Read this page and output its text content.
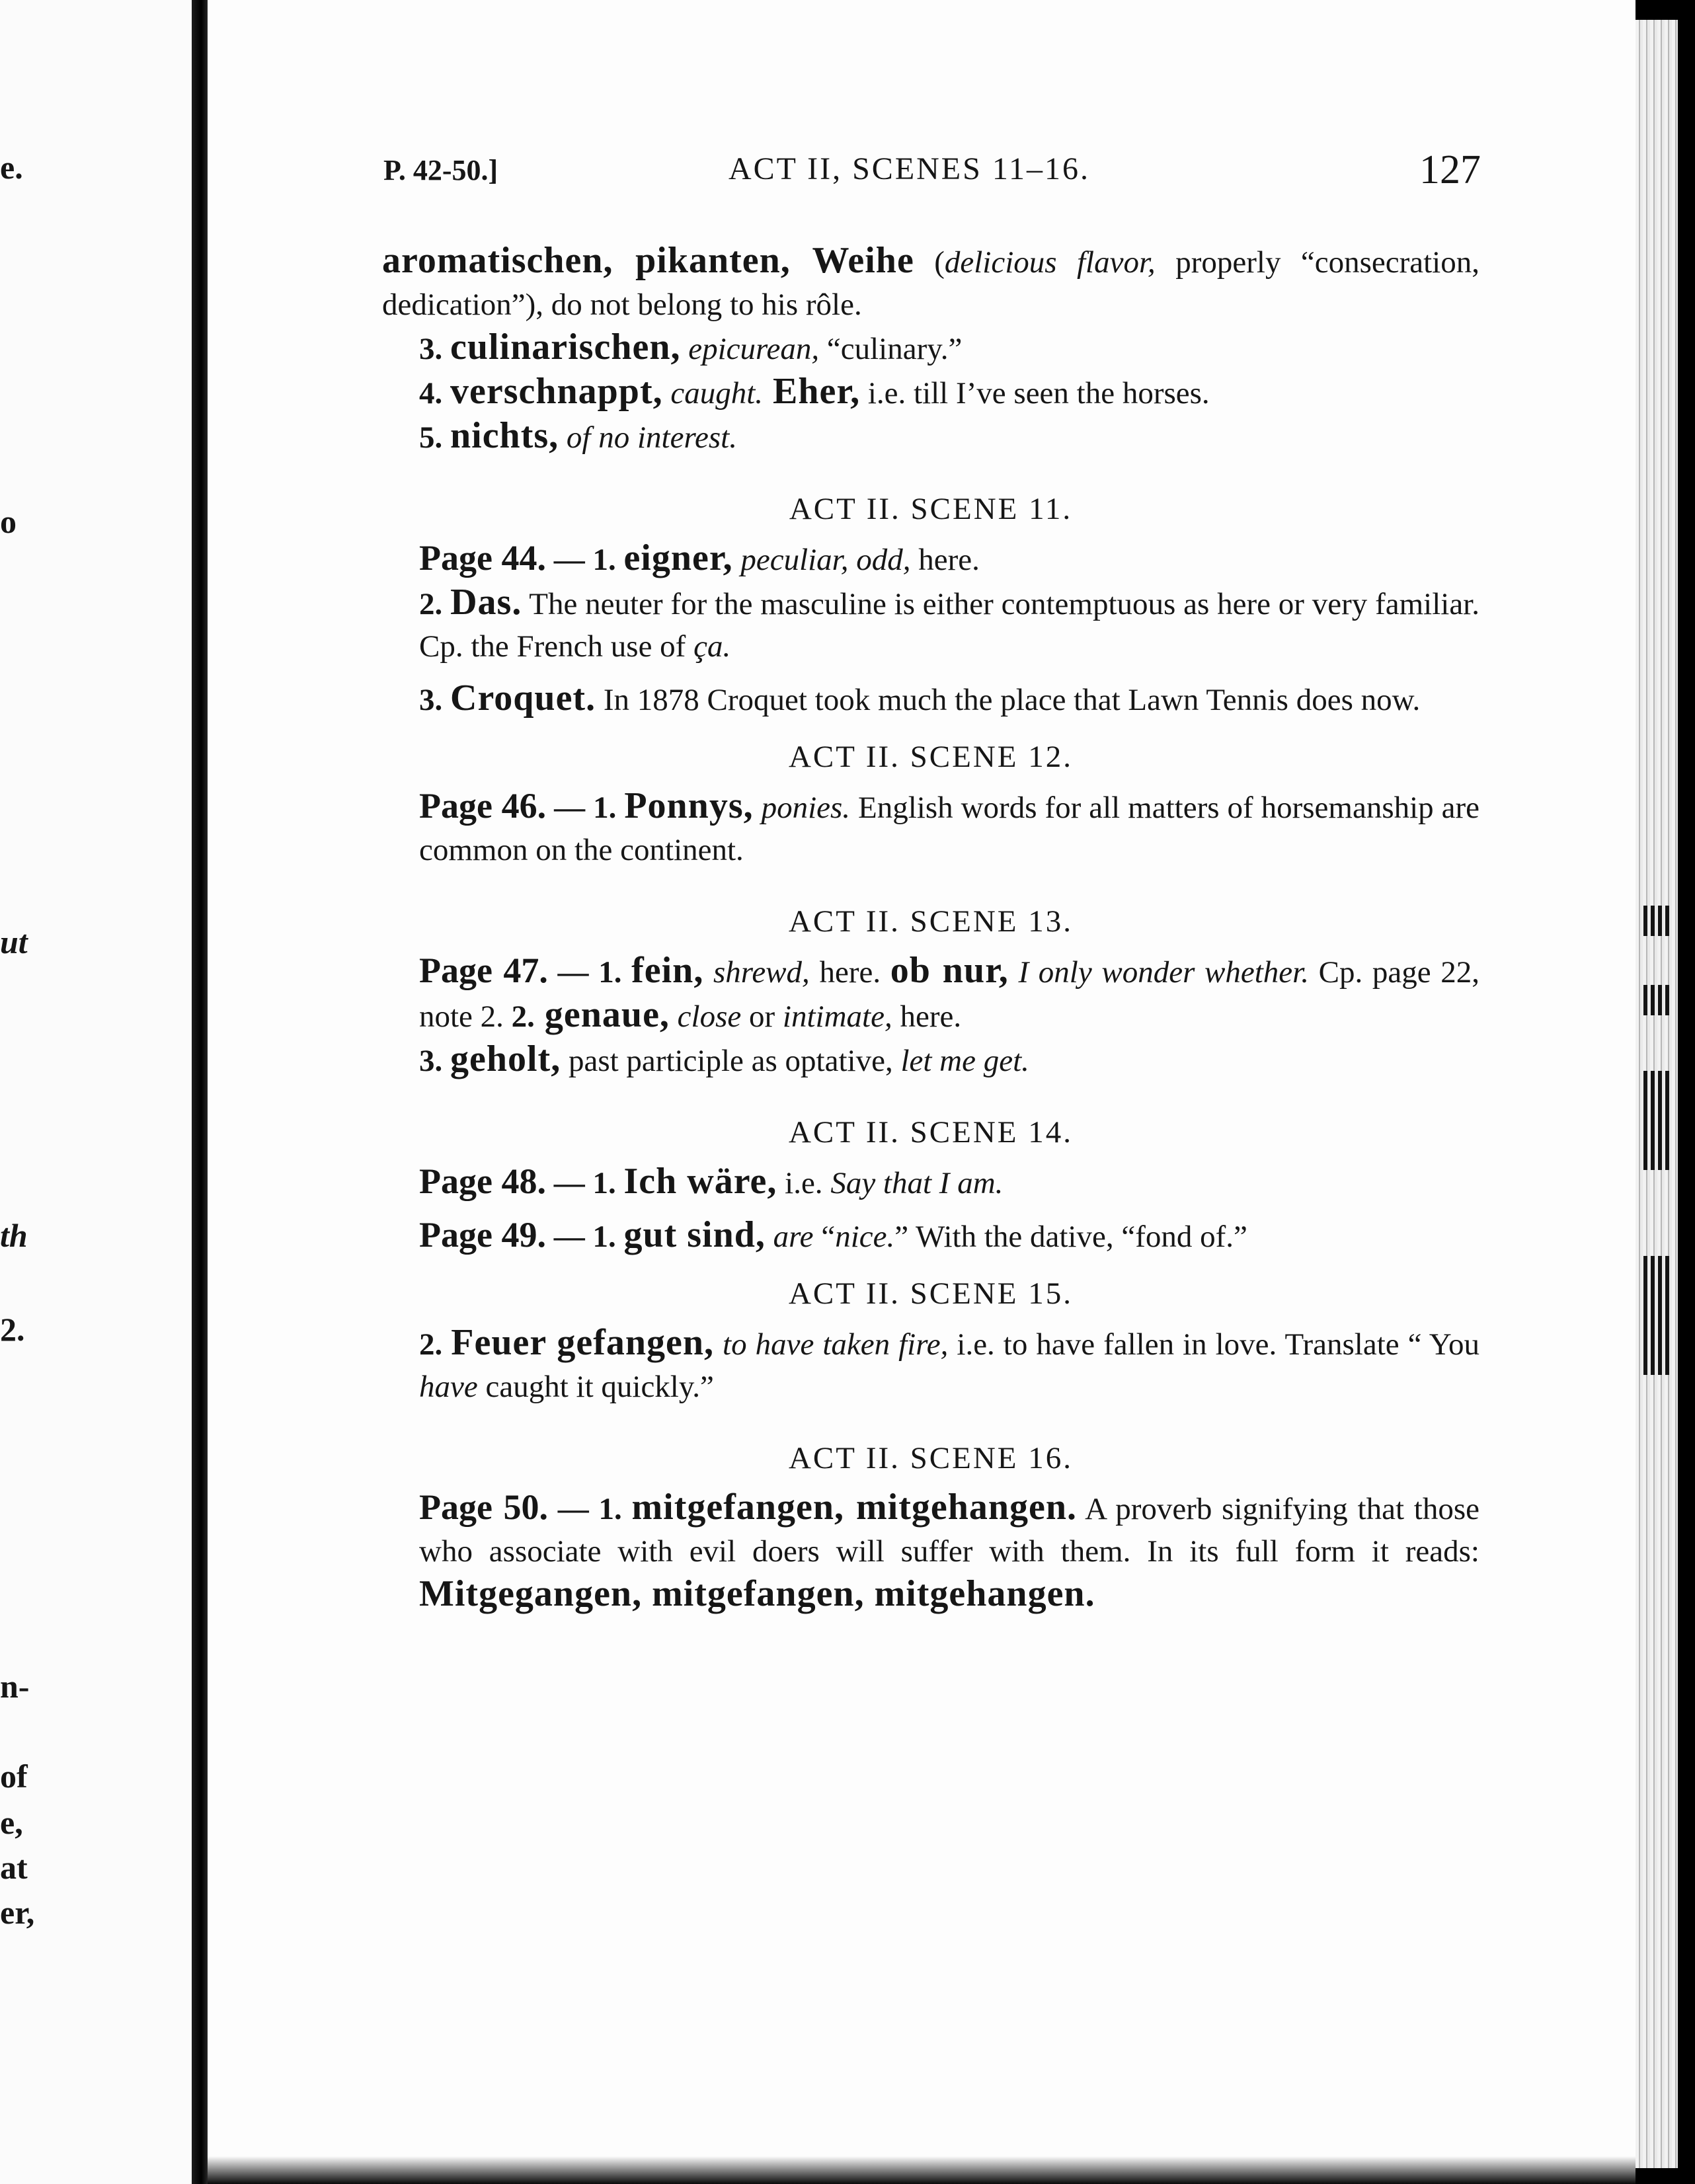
e.
o
ut
th
2.
n-
of
e,
at
er,
P. 42-50.]	ACT II, SCENES 11–16.	127

aromatischen, pikanten, Weihe (delicious flavor, properly “consecration, dedication”), do not belong to his rôle.

3. culinarischen, epicurean, “culinary.”

4. verschnappt, caught. Eher, i.e. till I’ve seen the horses.

5. nichts, of no interest.

ACT II. SCENE 11.

Page 44. — 1. eigner, peculiar, odd, here.

2. Das. The neuter for the masculine is either contemptuous as here or very familiar. Cp. the French use of ça.

3. Croquet. In 1878 Croquet took much the place that Lawn Tennis does now.

ACT II. SCENE 12.

Page 46. — 1. Ponnys, ponies. English words for all matters of horsemanship are common on the continent.

ACT II. SCENE 13.

Page 47. — 1. fein, shrewd, here. ob nur, I only wonder whether. Cp. page 22, note 2. 2. genaue, close or intimate, here.

3. geholt, past participle as optative, let me get.

ACT II. SCENE 14.

Page 48. — 1. Ich wäre, i.e. Say that I am.

Page 49. — 1. gut sind, are “nice.” With the dative, “fond of.”

ACT II. SCENE 15.

2. Feuer gefangen, to have taken fire, i.e. to have fallen in love. Translate “ You have caught it quickly.”

ACT II. SCENE 16.

Page 50. — 1. mitgefangen, mitgehangen. A proverb signifying that those who associate with evil doers will suffer with them. In its full form it reads: Mitgegangen, mitgefangen, mitgehangen.
